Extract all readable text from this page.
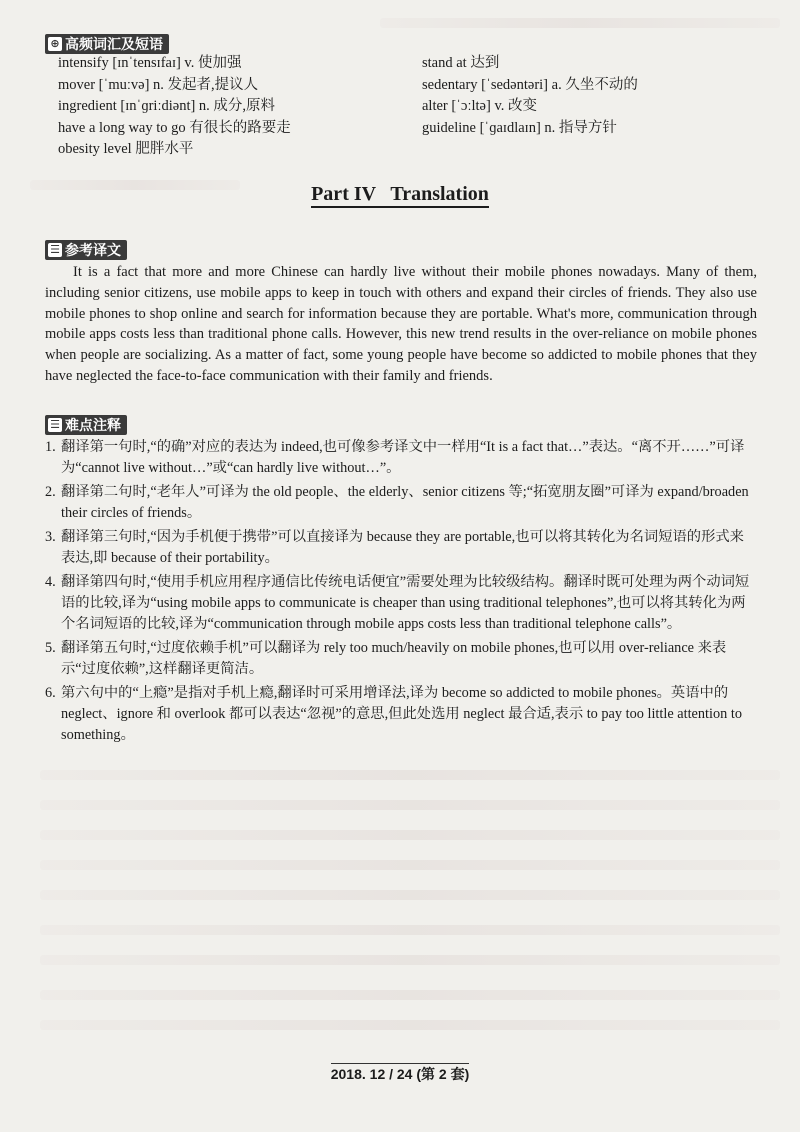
⊕ 高频词汇及短语
intensify [ɪnˈtensɪfaɪ] v. 使加强
mover [ˈmuːvə] n. 发起者,提议人
ingredient [ɪnˈɡriːdiənt] n. 成分,原料
have a long way to go 有很长的路要走
obesity level 肥胖水平
stand at 达到
sedentary [ˈsedəntəri] a. 久坐不动的
alter [ˈɔːltə] v. 改变
guideline [ˈɡaɪdlaɪn] n. 指导方针
Part IV   Translation
☰ 参考译文
It is a fact that more and more Chinese can hardly live without their mobile phones nowadays. Many of them, including senior citizens, use mobile apps to keep in touch with others and expand their circles of friends. They also use mobile phones to shop online and search for information because they are portable. What's more, communication through mobile apps costs less than traditional phone calls. However, this new trend results in the over-reliance on mobile phones when people are socializing. As a matter of fact, some young people have become so addicted to mobile phones that they have neglected the face-to-face communication with their family and friends.
☰ 难点注释
1. 翻译第一句时,“的确”对应的表达为 indeed,也可像参考译文中一样用“It is a fact that…”表达。“离不开……”可译为“cannot live without…”或“can hardly live without…”。
2. 翻译第二句时,“老年人”可译为 the old people、the elderly、senior citizens 等;“拓宽朋友圈”可译为 expand/broaden their circles of friends。
3. 翻译第三句时,“因为手机便于携带”可以直接译为 because they are portable,也可以将其转化为名词短语的形式来表达,即 because of their portability。
4. 翻译第四句时,“使用手机应用程序通信比传统电话便宜”需要处理为比较级结构。翻译时既可处理为两个动词短语的比较,译为“using mobile apps to communicate is cheaper than using traditional telephones”,也可以将其转化为两个名词短语的比较,译为“communication through mobile apps costs less than traditional telephone calls”。
5. 翻译第五句时,“过度依赖手机”可以翻译为 rely too much/heavily on mobile phones,也可以用 over-reliance 来表示“过度依赖”,这样翻译更简洁。
6. 第六句中的“上瘾”是指对手机上瘾,翻译时可采用增译法,译为 become so addicted to mobile phones。英语中的 neglect、ignore 和 overlook 都可以表达“忽视”的意思,但此处选用 neglect 最合适,表示 to pay too little attention to something。
2018. 12 / 24 (第 2 套)
